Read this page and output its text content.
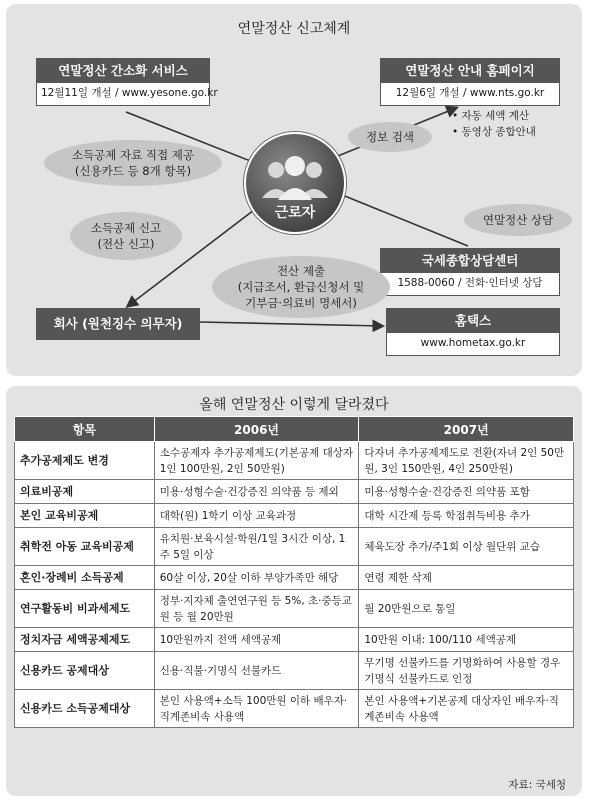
연말정산 신고체계
연말정산 간소화 서비스
12월11일 개설 / www.yesone.go.kr
연말정산 안내 홈페이지
12월6일 개설 / www.nts.go.kr
• 자동 세액 계산
• 동영상 종합안내
근로자
소득공제 자료 직접 제공
(신용카드 등 8개 항목)
정보 검색
소득공제 신고
(전산 신고)
연말정산 상담
국세종합상담센터
1588-0060 / 전화·인터넷 상담
전산 제출
(지급조서, 환급신청서 및
기부금·의료비 명세서)
회사 (원천징수 의무자)	홈택스
www.hometax.go.kr
올해 연말정산 이렇게 달라졌다
항목	2006년	2007년
추가공제제도 변경	소수공제자 추가공제제도(기본공제 대상자 1인 100만원, 2인 50만원)	다자녀 추가공제제도로 전환(자녀 2인 50만원, 3인 150만원, 4인 250만원)
의료비공제	미용·성형수술·건강증진 의약품 등 제외	미용·성형수술·건강증진 의약품 포함
본인 교육비공제	대학(원) 1학기 이상 교육과정	대학 시간제 등록 학점취득비용 추가
취학전 아동 교육비공제	유치원·보육시설·학원/1일 3시간 이상, 1주 5일 이상	체육도장 추가/주1회 이상 월단위 교습
혼인·장례비 소득공제	60살 이상, 20살 이하 부양가족만 해당	연령 제한 삭제
연구활동비 비과세제도	정부·지자체 출연연구원 등 5%, 초·중등교원 등 월 20만원	월 20만원으로 통일
정치자금 세액공제제도	10만원까지 전액 세액공제	10만원 이내: 100/110 세액공제
신용카드 공제대상	신용·직불·기명식 선불카드	무기명 선불카드를 기명화하여 사용할 경우 기명식 선불카드로 인정
신용카드 소득공제대상	본인 사용액+소득 100만원 이하 배우자·직계존비속 사용액	본인 사용액+기본공제 대상자인 배우자·직계존비속 사용액
자료: 국세청
